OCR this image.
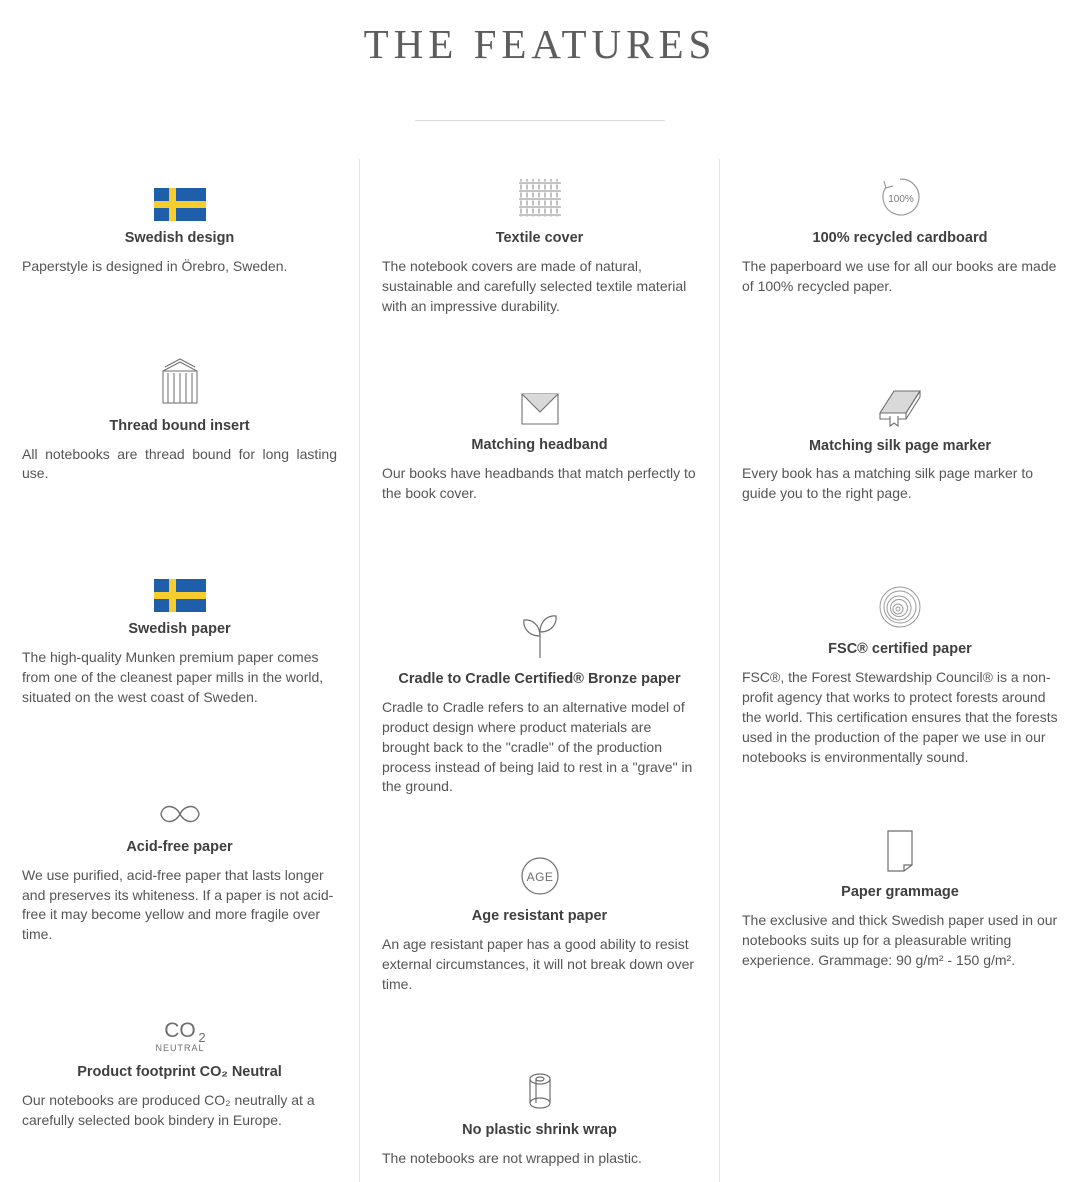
THE FEATURES
Swedish design
Paperstyle is designed in Örebro, Sweden.
Thread bound insert
All notebooks are thread bound for long lasting use.
Swedish paper
The high-quality Munken premium paper comes from one of the cleanest paper mills in the world, situated on the west coast of Sweden.
Acid-free paper
We use purified, acid-free paper that lasts longer and preserves its whiteness. If a paper is not acid-free it may become yellow and more fragile over time.
CO 2
NEUTRAL
Product footprint CO₂ Neutral
Our notebooks are produced CO₂ neutrally at a carefully selected book bindery in Europe.
Textile cover
The notebook covers are made of natural, sustainable and carefully selected textile material with an impressive durability.
Matching headband
Our books have headbands that match perfectly to the book cover.
Cradle to Cradle Certified® Bronze paper
Cradle to Cradle refers to an alternative model of product design where product materials are brought back to the "cradle" of the production process instead of being laid to rest in a "grave" in the ground.
AGE
Age resistant paper
An age resistant paper has a good ability to resist external circumstances, it will not break down over time.
No plastic shrink wrap
The notebooks are not wrapped in plastic.
100%
100% recycled cardboard
The paperboard we use for all our books are made of 100% recycled paper.
Matching silk page marker
Every book has a matching silk page marker to guide you to the right page.
FSC® certified paper
FSC®, the Forest Stewardship Council® is a non-profit agency that works to protect forests around the world. This certification ensures that the forests used in the production of the paper we use in our notebooks is environmentally sound.
Paper grammage
The exclusive and thick Swedish paper used in our notebooks suits up for a pleasurable writing experience. Grammage: 90 g/m² - 150 g/m².
